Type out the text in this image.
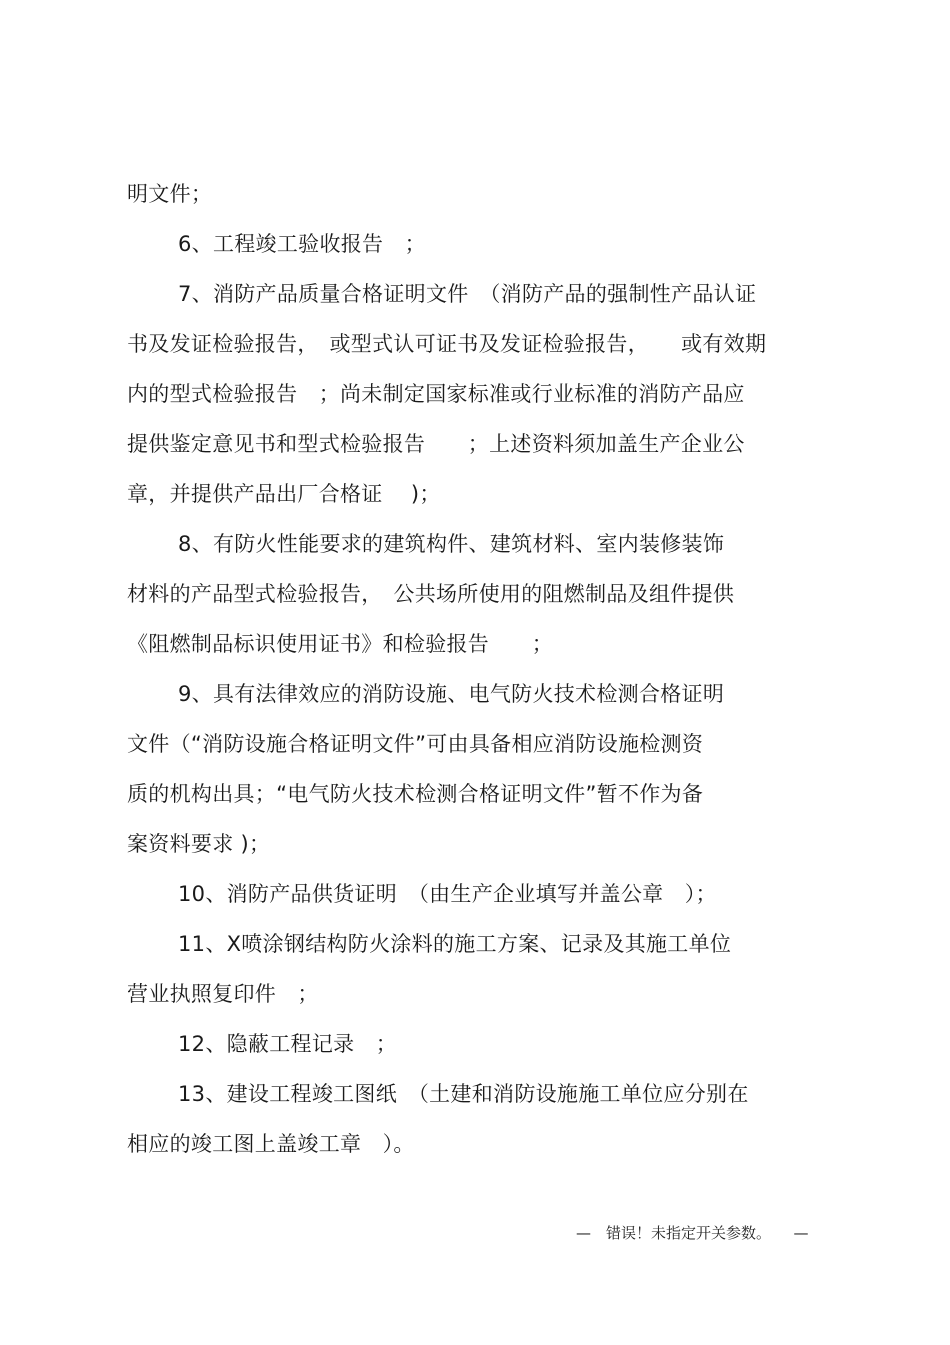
明文件；
6、工程竣工验收报告　；
7、消防产品质量合格证明文件　（消防产品的强制性产品认证
书及发证检验报告，　或型式认可证书及发证检验报告，　　或有效期
内的型式检验报告　；尚未制定国家标准或行业标准的消防产品应
提供鉴定意见书和型式检验报告　　；上述资料须加盖生产企业公
章，并提供产品出厂合格证　 )；
8、有防火性能要求的建筑构件、建筑材料、室内装修装饰
材料的产品型式检验报告，　公共场所使用的阻燃制品及组件提供
《阻燃制品标识使用证书》和检验报告　　；
9、具有法律效应的消防设施、电气防火技术检测合格证明
文件（“消防设施合格证明文件”可由具备相应消防设施检测资
质的机构出具；“电气防火技术检测合格证明文件”暂不作为备
案资料要求 )；
10、消防产品供货证明　（由生产企业填写并盖公章　）；
11、X喷涂钢结构防火涂料的施工方案、记录及其施工单位
营业执照复印件　；
12、隐蔽工程记录　；
13、建设工程竣工图纸　（土建和消防设施施工单位应分别在
相应的竣工图上盖竣工章　）。
—　错误！未指定开关参数。　　—
